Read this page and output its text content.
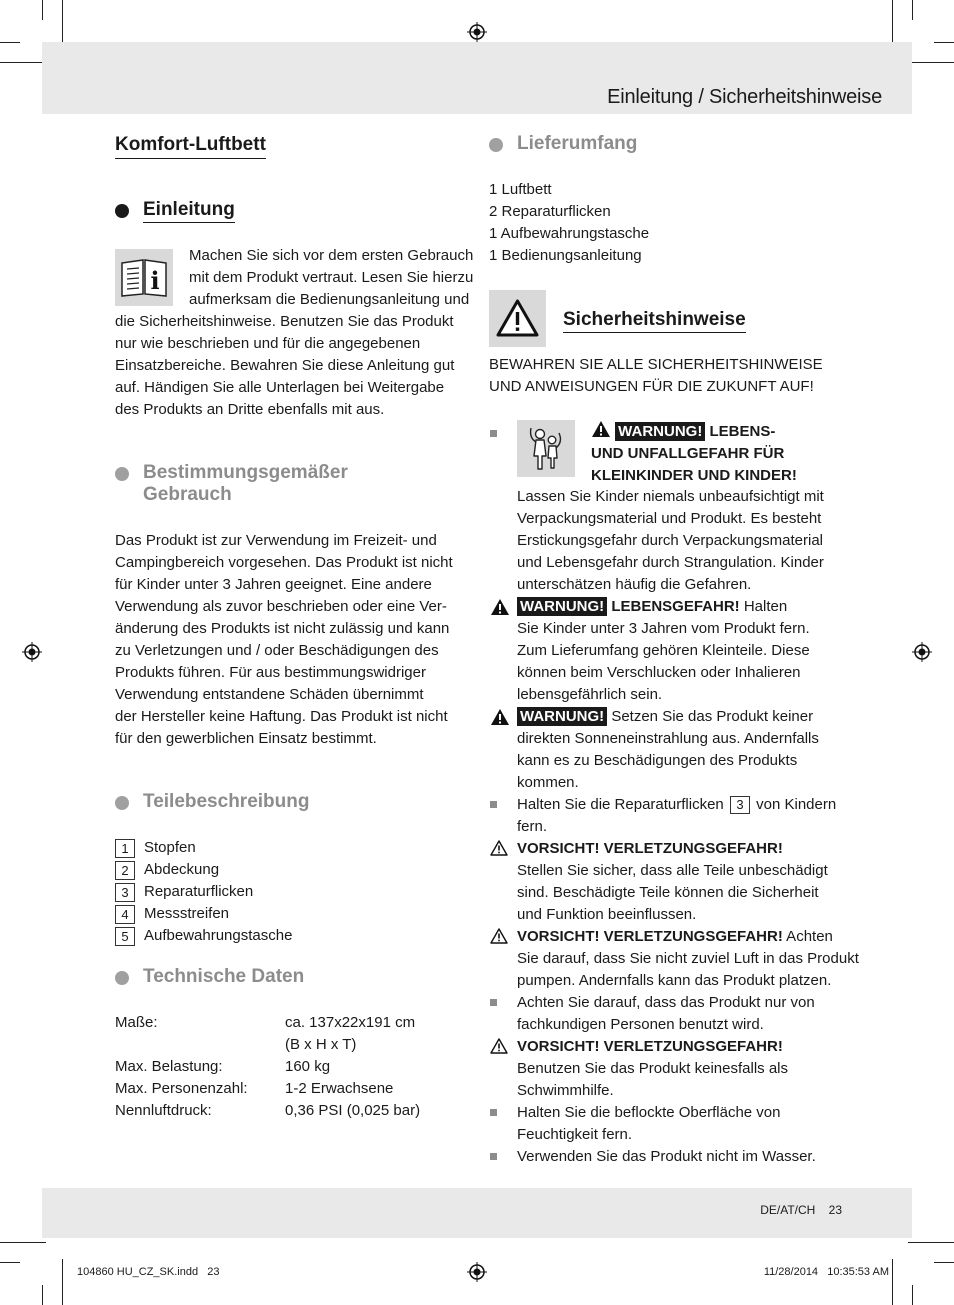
Einleitung / Sicherheitshinweise
DE/AT/CH    23
104860 HU_CZ_SK.indd   23	11/28/2014   10:35:53 AM
Komfort-Luftbett
Einleitung
i
Machen Sie sich vor dem ersten Gebrauch
mit dem Produkt vertraut. Lesen Sie hierzu
aufmerksam die Bedienungsanleitung und
die Sicherheitshinweise. Benutzen Sie das Produkt
nur wie beschrieben und für die angegebenen
Einsatzbereiche. Bewahren Sie diese Anleitung gut
auf. Händigen Sie alle Unterlagen bei Weitergabe
des Produkts an Dritte ebenfalls mit aus.
Bestimmungsgemäßer
Gebrauch
Das Produkt ist zur Verwendung im Freizeit- und
Campingbereich vorgesehen. Das Produkt ist nicht
für Kinder unter 3 Jahren geeignet. Eine andere
Verwendung als zuvor beschrieben oder eine Ver-
änderung des Produkts ist nicht zulässig und kann
zu Verletzungen und / oder Beschädigungen des
Produkts führen. Für aus bestimmungswidriger
Verwendung entstandene Schäden übernimmt
der Hersteller keine Haftung. Das Produkt ist nicht
für den gewerblichen Einsatz bestimmt.
Teilebeschreibung
1 Stopfen
2 Abdeckung
3 Reparaturflicken
4 Messstreifen
5 Aufbewahrungstasche
Technische Daten
Maße:	ca. 137x22x191 cm
(B x H x T)
Max. Belastung:	160 kg
Max. Personenzahl: 1-2 Erwachsene
Nennluftdruck:	0,36 PSI (0,025 bar)
Lieferumfang
1 Luftbett
2 Reparaturflicken
1 Aufbewahrungstasche
1 Bedienungsanleitung
Sicherheitshinweise
BEWAHREN SIE ALLE SICHERHEITSHINWEISE
UND ANWEISUNGEN FÜR DIE ZUKUNFT AUF!
WARNUNG! LEBENS-
UND UNFALLGEFAHR FÜR
KLEINKINDER UND KINDER!
Lassen Sie Kinder niemals unbeaufsichtigt mit
Verpackungsmaterial und Produkt. Es besteht
Erstickungsgefahr durch Verpackungsmaterial
und Lebensgefahr durch Strangulation. Kinder
unterschätzen häufig die Gefahren.
WARNUNG! LEBENSGEFAHR! Halten
Sie Kinder unter 3 Jahren vom Produkt fern.
Zum Lieferumfang gehören Kleinteile. Diese
können beim Verschlucken oder Inhalieren
lebensgefährlich sein.
WARNUNG! Setzen Sie das Produkt keiner
direkten Sonneneinstrahlung aus. Andernfalls
kann es zu Beschädigungen des Produkts
kommen.
Halten Sie die Reparaturflicken 3 von Kindern
fern.
VORSICHT! VERLETZUNGSGEFAHR!
Stellen Sie sicher, dass alle Teile unbeschädigt
sind. Beschädigte Teile können die Sicherheit
und Funktion beeinflussen.
VORSICHT! VERLETZUNGSGEFAHR! Achten
Sie darauf, dass Sie nicht zuviel Luft in das Produkt
pumpen. Andernfalls kann das Produkt platzen.
Achten Sie darauf, dass das Produkt nur von
fachkundigen Personen benutzt wird.
VORSICHT! VERLETZUNGSGEFAHR!
Benutzen Sie das Produkt keinesfalls als
Schwimmhilfe.
Halten Sie die beflockte Oberfläche von
Feuchtigkeit fern.
Verwenden Sie das Produkt nicht im Wasser.
